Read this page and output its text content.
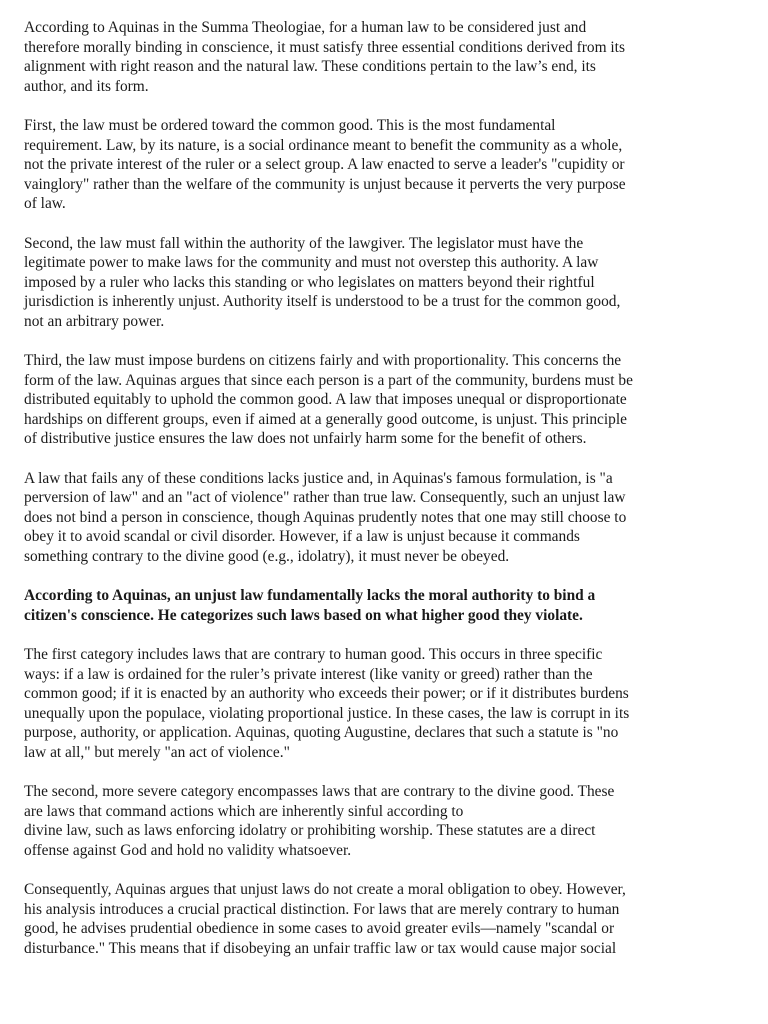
According to Aquinas in the Summa Theologiae, for a human law to be considered just and
therefore morally binding in conscience, it must satisfy three essential conditions derived from its
alignment with right reason and the natural law. These conditions pertain to the law’s end, its
author, and its form.

First, the law must be ordered toward the common good. This is the most fundamental
requirement. Law, by its nature, is a social ordinance meant to benefit the community as a whole,
not the private interest of the ruler or a select group. A law enacted to serve a leader's "cupidity or
vainglory" rather than the welfare of the community is unjust because it perverts the very purpose
of law.

Second, the law must fall within the authority of the lawgiver. The legislator must have the
legitimate power to make laws for the community and must not overstep this authority. A law
imposed by a ruler who lacks this standing or who legislates on matters beyond their rightful
jurisdiction is inherently unjust. Authority itself is understood to be a trust for the common good,
not an arbitrary power.

Third, the law must impose burdens on citizens fairly and with proportionality. This concerns the
form of the law. Aquinas argues that since each person is a part of the community, burdens must be
distributed equitably to uphold the common good. A law that imposes unequal or disproportionate
hardships on different groups, even if aimed at a generally good outcome, is unjust. This principle
of distributive justice ensures the law does not unfairly harm some for the benefit of others.

A law that fails any of these conditions lacks justice and, in Aquinas's famous formulation, is "a
perversion of law" and an "act of violence" rather than true law. Consequently, such an unjust law
does not bind a person in conscience, though Aquinas prudently notes that one may still choose to
obey it to avoid scandal or civil disorder. However, if a law is unjust because it commands
something contrary to the divine good (e.g., idolatry), it must never be obeyed.

According to Aquinas, an unjust law fundamentally lacks the moral authority to bind a
citizen's conscience. He categorizes such laws based on what higher good they violate.

The first category includes laws that are contrary to human good. This occurs in three specific
ways: if a law is ordained for the ruler’s private interest (like vanity or greed) rather than the
common good; if it is enacted by an authority who exceeds their power; or if it distributes burdens
unequally upon the populace, violating proportional justice. In these cases, the law is corrupt in its
purpose, authority, or application. Aquinas, quoting Augustine, declares that such a statute is "no
law at all," but merely "an act of violence."

The second, more severe category encompasses laws that are contrary to the divine good. These
are laws that command actions which are inherently sinful according to
divine law, such as laws enforcing idolatry or prohibiting worship. These statutes are a direct
offense against God and hold no validity whatsoever.

Consequently, Aquinas argues that unjust laws do not create a moral obligation to obey. However,
his analysis introduces a crucial practical distinction. For laws that are merely contrary to human
good, he advises prudential obedience in some cases to avoid greater evils—namely "scandal or
disturbance." This means that if disobeying an unfair traffic law or tax would cause major social
